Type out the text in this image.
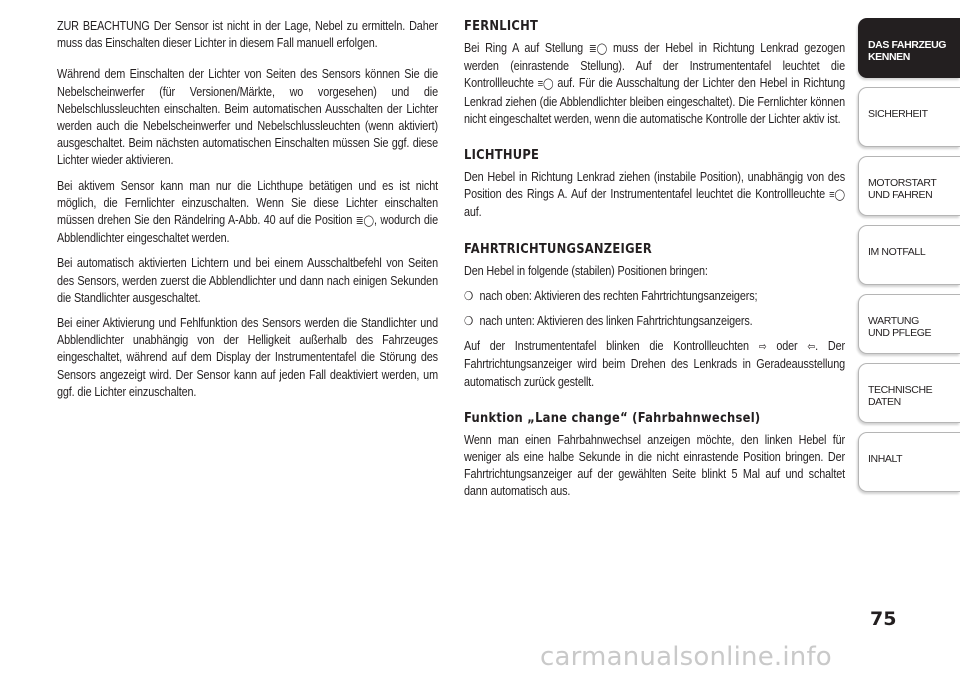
ZUR BEACHTUNG Der Sensor ist nicht in der Lage, Nebel zu ermitteln. Daher muss das Einschalten dieser Lichter in diesem Fall manuell erfolgen.

Während dem Einschalten der Lichter von Seiten des Sensors können Sie die Nebelscheinwerfer (für Versionen/Märkte, wo vorgesehen) und die Nebelschlussleuchten einschalten. Beim automatischen Ausschalten der Lichter werden auch die Nebelscheinwerfer und Nebelschlussleuchten (wenn aktiviert) ausgeschaltet. Beim nächsten automatischen Einschalten müssen Sie ggf. diese Lichter wieder aktivieren.

Bei aktivem Sensor kann man nur die Lichthupe betätigen und es ist nicht möglich, die Fernlichter einzuschalten. Wenn Sie diese Lichter einschalten müssen drehen Sie den Rändelring A-Abb. 40 auf die Position ≣◯, wodurch die Abblendlichter eingeschaltet werden.

Bei automatisch aktivierten Lichtern und bei einem Ausschaltbefehl von Seiten des Sensors, werden zuerst die Abblendlichter und dann nach einigen Sekunden die Standlichter ausgeschaltet.

Bei einer Aktivierung und Fehlfunktion des Sensors werden die Standlichter und Abblendlichter unabhängig von der Helligkeit außerhalb des Fahrzeuges eingeschaltet, während auf dem Display der Instrumententafel die Störung des Sensors angezeigt wird. Der Sensor kann auf jeden Fall deaktiviert werden, um ggf. die Lichter einzuschalten.

FERNLICHT

Bei Ring A auf Stellung ≣◯ muss der Hebel in Richtung Lenkrad gezogen werden (einrastende Stellung). Auf der Instrumententafel leuchtet die Kontrollleuchte ≡◯ auf. Für die Ausschaltung der Lichter den Hebel in Richtung Lenkrad ziehen (die Abblendlichter bleiben eingeschaltet). Die Fernlichter können nicht eingeschaltet werden, wenn die automatische Kontrolle der Lichter aktiv ist.

LICHTHUPE

Den Hebel in Richtung Lenkrad ziehen (instabile Position), unabhängig von des Position des Rings A. Auf der Instrumententafel leuchtet die Kontrollleuchte ≡◯ auf.

FAHRTRICHTUNGSANZEIGER

Den Hebel in folgende (stabilen) Positionen bringen:

❍ nach oben: Aktivieren des rechten Fahrtrichtungsanzeigers;
❍ nach unten: Aktivieren des linken Fahrtrichtungsanzeigers.

Auf der Instrumententafel blinken die Kontrollleuchten ⇨ oder ⇦. Der Fahrtrichtungsanzeiger wird beim Drehen des Lenkrads in Geradeausstellung automatisch zurück gestellt.

Funktion „Lane change“ (Fahrbahnwechsel)

Wenn man einen Fahrbahnwechsel anzeigen möchte, den linken Hebel für weniger als eine halbe Sekunde in die nicht einrastende Position bringen. Der Fahrtrichtungsanzeiger auf der gewählten Seite blinkt 5 Mal auf und schaltet dann automatisch aus.

DAS FAHRZEUG
KENNEN
SICHERHEIT
MOTORSTART
UND FAHREN
IM NOTFALL
WARTUNG
UND PFLEGE
TECHNISCHE
DATEN
INHALT
75
carmanualsonline.info
